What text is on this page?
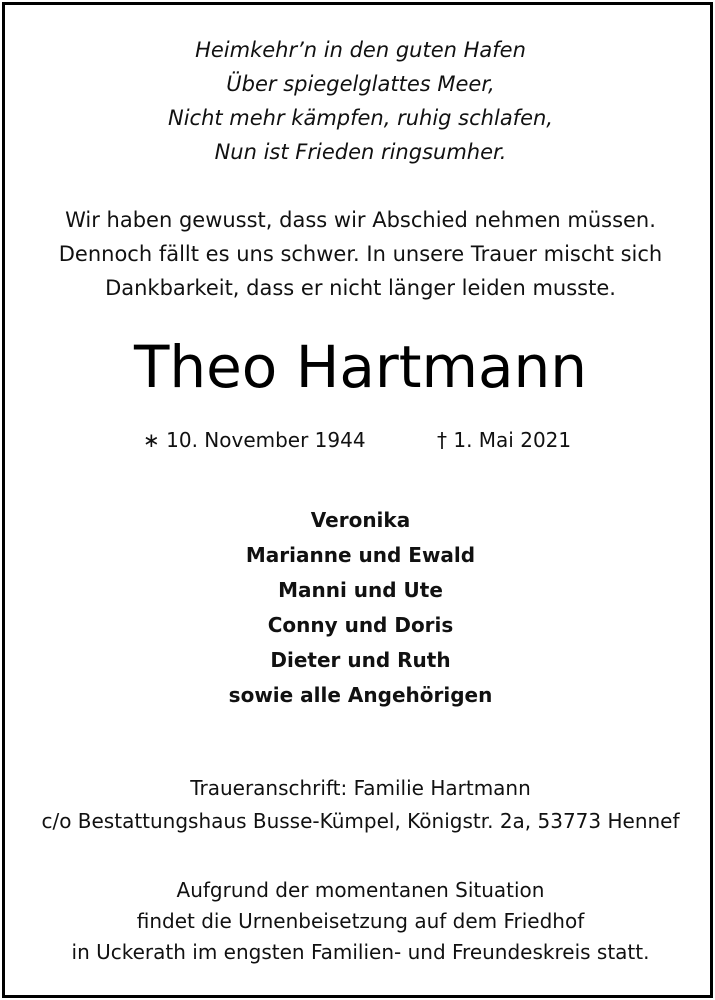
Heimkehr’n in den guten Hafen
Über spiegelglattes Meer,
Nicht mehr kämpfen, ruhig schlafen,
Nun ist Frieden ringsumher.
Wir haben gewusst, dass wir Abschied nehmen müssen.
Dennoch fällt es uns schwer. In unsere Trauer mischt sich
Dankbarkeit, dass er nicht länger leiden musste.
Theo Hartmann
∗ 10. November 1944	† 1. Mai 2021
Veronika
Marianne und Ewald
Manni und Ute
Conny und Doris
Dieter und Ruth
sowie alle Angehörigen
Traueranschrift: Familie Hartmann
c/o Bestattungshaus Busse-Kümpel, Königstr. 2a, 53773 Hennef
Aufgrund der momentanen Situation
findet die Urnenbeisetzung auf dem Friedhof
in Uckerath im engsten Familien- und Freundeskreis statt.
